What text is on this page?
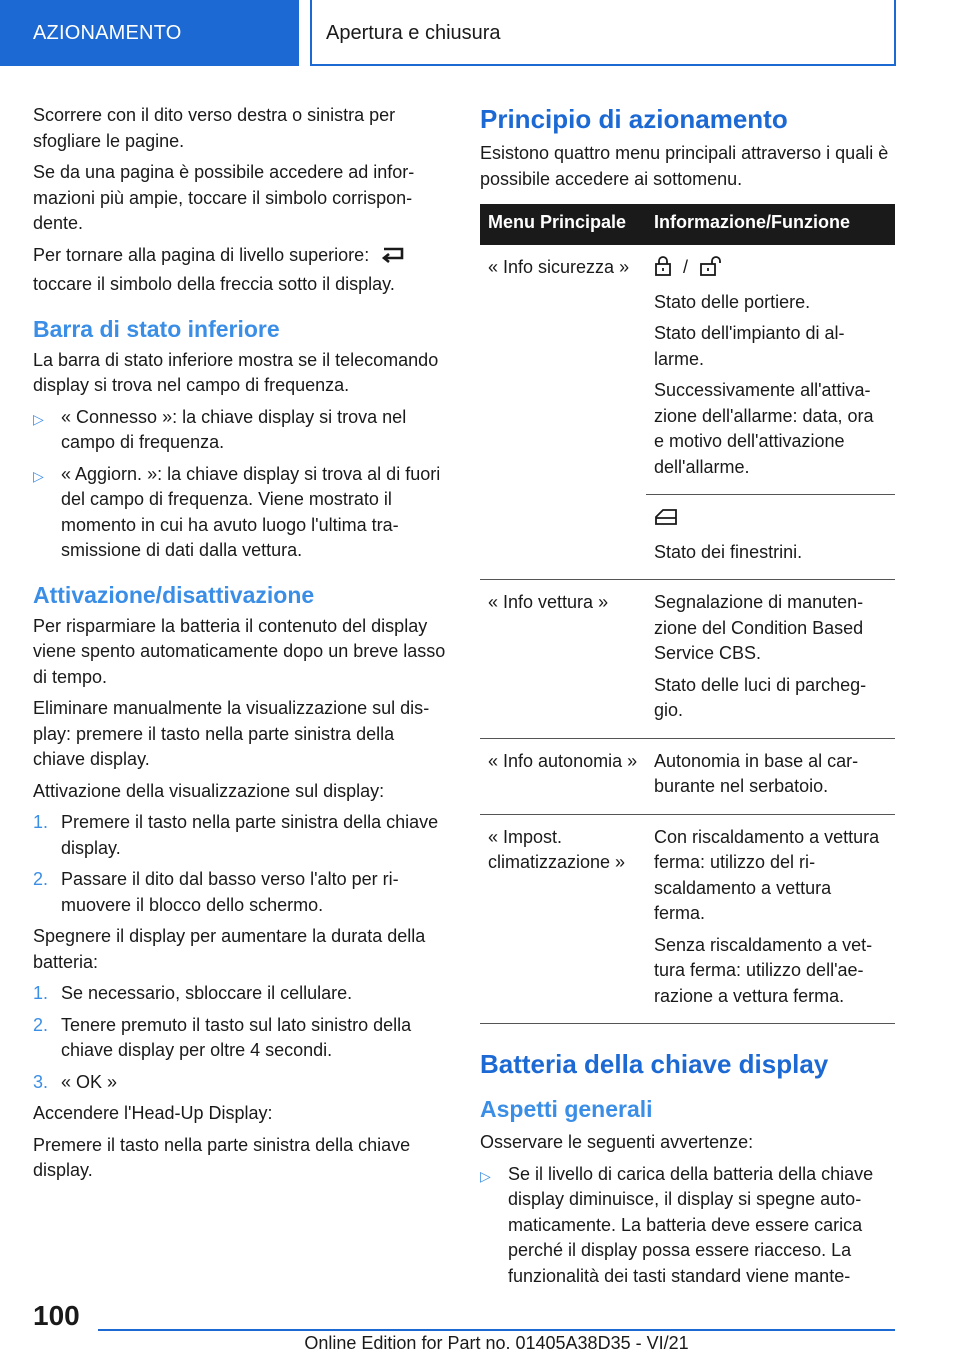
AZIONAMENTO	Apertura e chiusura

Scorrere con il dito verso destra o sinistra per sfogliare le pagine.

Se da una pagina è possibile accedere ad informazioni più ampie, toccare il simbolo corrispondente.

Per tornare alla pagina di livello superiore:
toccare il simbolo della freccia sotto il display.

Barra di stato inferiore

La barra di stato inferiore mostra se il telecomando display si trova nel campo di frequenza.

▷ « Connesso »: la chiave display si trova nel campo di frequenza.
▷ « Aggiorn. »: la chiave display si trova al di fuori del campo di frequenza. Viene mostrato il momento in cui ha avuto luogo l'ultima trasmissione di dati dalla vettura.
Attivazione/disattivazione

Per risparmiare la batteria il contenuto del display viene spento automaticamente dopo un breve lasso di tempo.

Eliminare manualmente la visualizzazione sul display: premere il tasto nella parte sinistra della chiave display.

Attivazione della visualizzazione sul display:

1. Premere il tasto nella parte sinistra della chiave display.
2. Passare il dito dal basso verso l'alto per rimuovere il blocco dello schermo.

Spegnere il display per aumentare la durata della batteria:

1. Se necessario, sbloccare il cellulare.
2. Tenere premuto il tasto sul lato sinistro della chiave display per oltre 4 secondi.
3. « OK »

Accendere l'Head-Up Display:

Premere il tasto nella parte sinistra della chiave display.

Principio di azionamento

Esistono quattro menu principali attraverso i quali è possibile accedere ai sottomenu.

Menu Principale	Informazione/Funzione
« Info sicurezza »	/

Stato delle portiere.

Stato dell'impianto di allarme.

Successivamente all'attivazione dell'allarme: data, ora e motivo dell'attivazione dell'allarme.

	Stato dei finestrini.

« Info vettura »	Segnalazione di manutenzione del Condition Based Service CBS.

Stato delle luci di parcheggio.

« Info autonomia »	Autonomia in base al carburante nel serbatoio.

« Impost. climatizzazione »	Con riscaldamento a vettura ferma: utilizzo del riscaldamento a vettura ferma.

Senza riscaldamento a vettura ferma: utilizzo dell'aerazione a vettura ferma.

Batteria della chiave display
Aspetti generali

Osservare le seguenti avvertenze:

▷ Se il livello di carica della batteria della chiave display diminuisce, il display si spegne automaticamente. La batteria deve essere carica perché il display possa essere riacceso. La funzionalità dei tasti standard viene mante-
100
Online Edition for Part no. 01405A38D35 - VI/21
